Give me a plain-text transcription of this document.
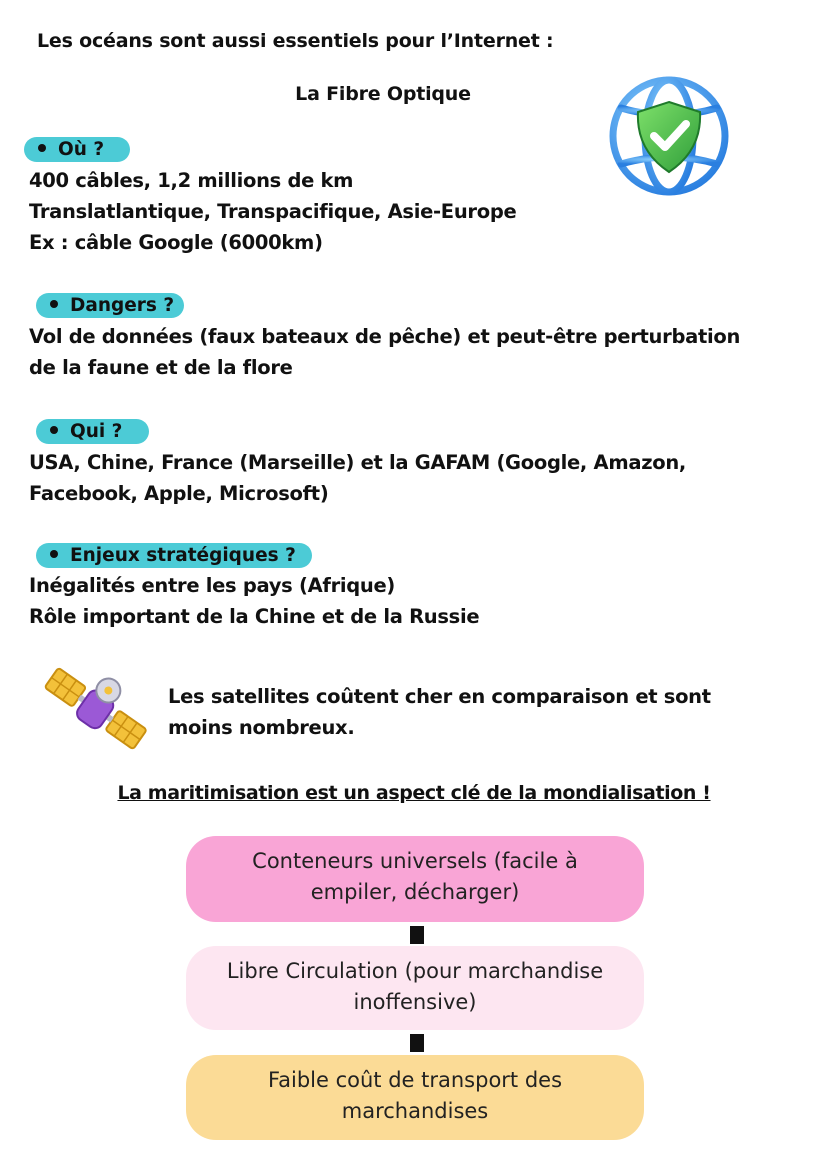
Les océans sont aussi essentiels pour l’Internet :
La Fibre Optique
Où ?
400 câbles, 1,2 millions de km
Translatlantique, Transpacifique, Asie-Europe
Ex : câble Google (6000km)
Dangers ?
Vol de données (faux bateaux de pêche) et peut-être perturbation
de la faune et de la flore
Qui ?
USA, Chine, France (Marseille) et la GAFAM (Google, Amazon,
Facebook, Apple, Microsoft)
Enjeux stratégiques ?
Inégalités entre les pays (Afrique)
Rôle important de la Chine et de la Russie
Les satellites coûtent cher en comparaison et sont
moins nombreux.
La maritimisation est un aspect clé de la mondialisation !
Conteneurs universels (facile à
empiler, décharger)
Libre Circulation (pour marchandise
inoffensive)
Faible coût de transport des
marchandises
